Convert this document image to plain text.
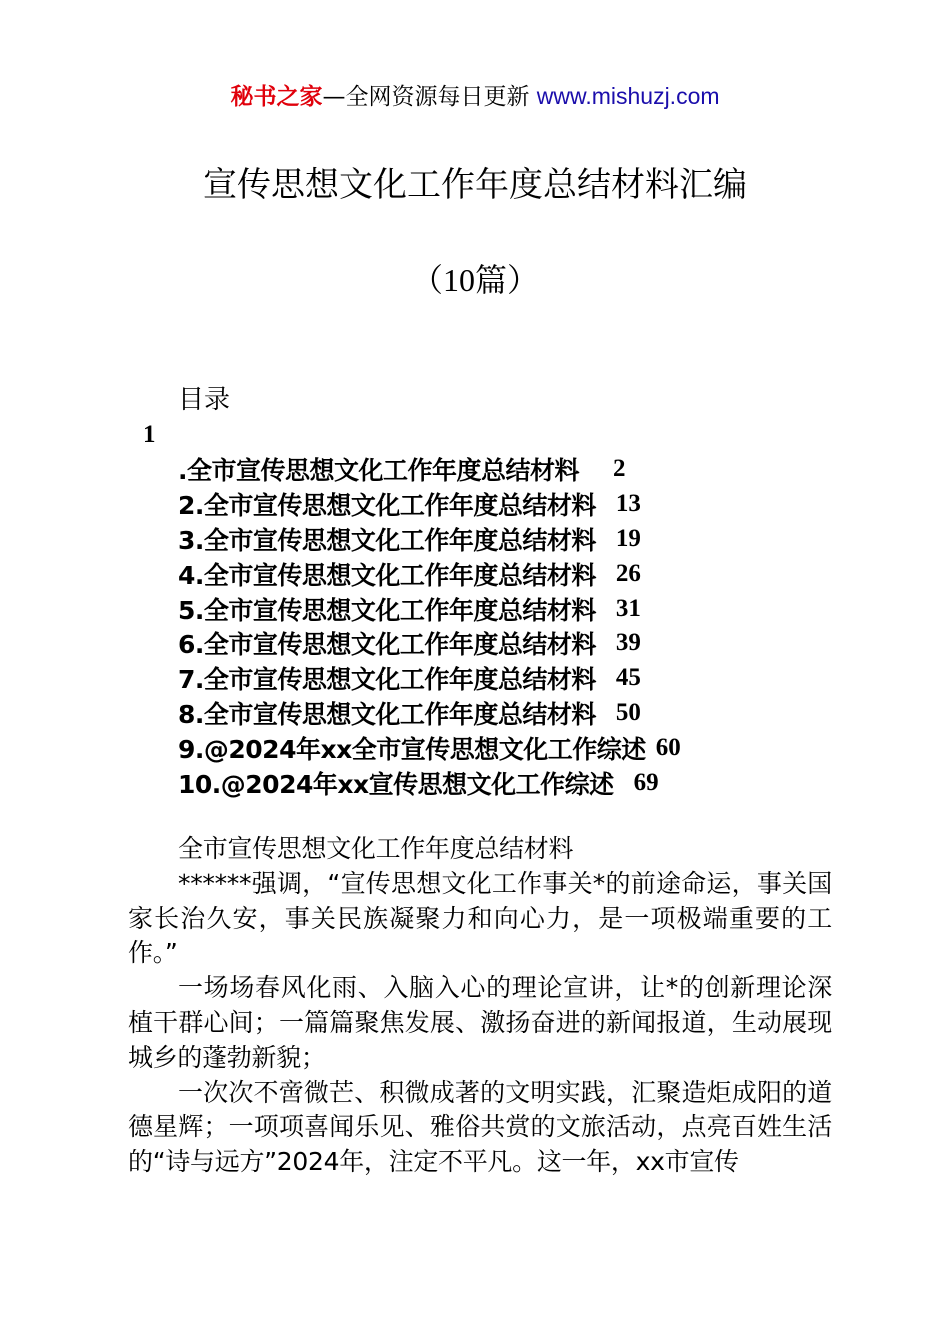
秘书之家—全网资源每日更新 www.mishuzj.com
宣传思想文化工作年度总结材料汇编
（10篇）
目录
1
.全市宣传思想文化工作年度总结材料 2
2.全市宣传思想文化工作年度总结材料 13
3.全市宣传思想文化工作年度总结材料 19
4.全市宣传思想文化工作年度总结材料 26
5.全市宣传思想文化工作年度总结材料 31
6.全市宣传思想文化工作年度总结材料 39
7.全市宣传思想文化工作年度总结材料 45
8.全市宣传思想文化工作年度总结材料 50
9.@2024年xx全市宣传思想文化工作综述 60
10.@2024年xx宣传思想文化工作综述 69

全市宣传思想文化工作年度总结材料

******强调，“宣传思想文化工作事关*的前途命运，事关国家长治久安，事关民族凝聚力和向心力，是一项极端重要的工作。”

一场场春风化雨、入脑入心的理论宣讲，让*的创新理论深植干群心间；一篇篇聚焦发展、激扬奋进的新闻报道，生动展现城乡的蓬勃新貌；

一次次不啻微芒、积微成著的文明实践，汇聚造炬成阳的道德星辉；一项项喜闻乐见、雅俗共赏的文旅活动，点亮百姓生活的“诗与远方”2024年，注定不平凡。这一年，xx市宣传
